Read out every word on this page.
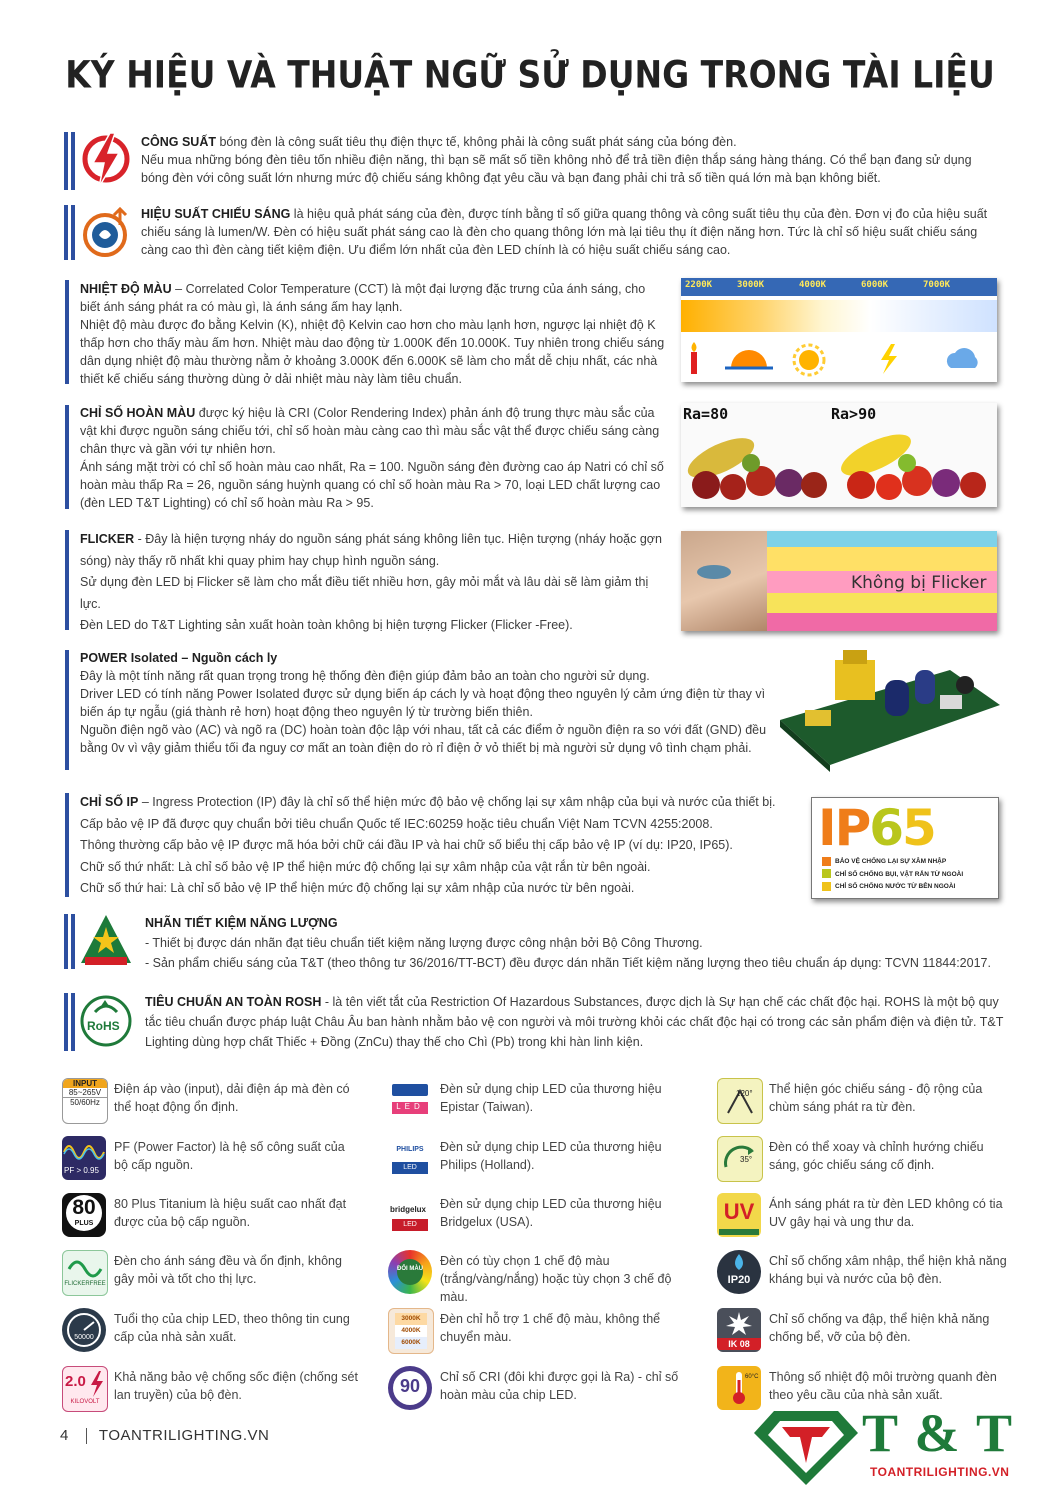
KÝ HIỆU VÀ THUẬT NGỮ SỬ DỤNG TRONG TÀI LIỆU
CÔNG SUẤT bóng đèn là công suất tiêu thụ điện thực tế, không phải là công suất phát sáng của bóng đèn.
Nếu mua những bóng đèn tiêu tốn nhiều điện năng, thì bạn sẽ mất số tiền không nhỏ để trả tiền điện thắp sáng hàng tháng. Có thể bạn đang sử dụng bóng đèn với công suất lớn nhưng mức độ chiếu sáng không đạt yêu cầu và bạn đang phải chi trả số tiền quá lớn mà bạn không biết.
HIỆU SUẤT CHIẾU SÁNG là hiệu quả phát sáng của đèn, được tính bằng tỉ số giữa quang thông và công suất tiêu thụ của đèn. Đơn vị đo của hiệu suất chiếu sáng là lumen/W. Đèn có hiệu suất phát sáng cao là đèn cho quang thông lớn mà lại tiêu thụ ít điện năng hơn. Tức là chỉ số hiệu suất chiếu sáng càng cao thì đèn càng tiết kiệm điện. Ưu điểm lớn nhất của đèn LED chính là có hiệu suất chiếu sáng cao.
NHIỆT ĐỘ MÀU – Correlated Color Temperature (CCT) là một đại lượng đặc trưng của ánh sáng, cho biết ánh sáng phát ra có màu gì, là ánh sáng ấm hay lạnh.
Nhiệt độ màu được đo bằng Kelvin (K), nhiệt độ Kelvin cao hơn cho màu lạnh hơn, ngược lại nhiệt độ K thấp hơn cho thấy màu ấm hơn. Nhiệt màu dao động từ 1.000K đến 10.000K. Tuy nhiên trong chiếu sáng dân dụng nhiệt độ màu thường nằm ở khoảng 3.000K đến 6.000K sẽ làm cho mắt dễ chịu nhất, các nhà thiết kế chiếu sáng thường dùng ở dải nhiệt màu này làm tiêu chuẩn.
2200K	3000K	4000K	6000K	7000K
CHỈ SỐ HOÀN MÀU được ký hiệu là CRI (Color Rendering Index) phản ánh độ trung thực màu sắc của vật khi được nguồn sáng chiếu tới, chỉ số hoàn màu càng cao thì màu sắc vật thể được chiếu sáng càng chân thực và gần với tự nhiên hơn.
Ánh sáng mặt trời có chỉ số hoàn màu cao nhất, Ra = 100. Nguồn sáng đèn đường cao áp Natri có chỉ số hoàn màu thấp Ra = 26, nguồn sáng huỳnh quang có chỉ số hoàn màu Ra > 70, loại LED chất lượng cao (đèn LED T&T Lighting) có chỉ số hoàn màu Ra > 95.
Ra=80	Ra>90
FLICKER - Đây là hiện tượng nháy do nguồn sáng phát sáng không liên tục. Hiện tượng (nháy hoặc gợn sóng) này thấy rõ nhất khi quay phim hay chụp hình nguồn sáng.
Sử dụng đèn LED bị Flicker sẽ làm cho mắt điều tiết nhiều hơn, gây mỏi mắt và lâu dài sẽ làm giảm thị lực.
Đèn LED do T&T Lighting sản xuất hoàn toàn không bị hiện tượng Flicker (Flicker -Free).
Không bị Flicker
POWER Isolated – Nguồn cách ly
Đây là một tính năng rất quan trọng trong hệ thống đèn điện giúp đảm bảo an toàn cho người sử dụng.
Driver LED có tính năng Power Isolated được sử dụng biến áp cách ly và hoạt động theo nguyên lý cảm ứng điện từ thay vì biến áp tự ngẫu (giá thành rẻ hơn) hoạt động theo nguyên lý từ trường biến thiên.
Nguồn điện ngõ vào (AC) và ngõ ra (DC) hoàn toàn độc lập với nhau, tất cả các điểm ở nguồn điện ra so với đất (GND) đều bằng 0v vì vậy giảm thiểu tối đa nguy cơ mất an toàn điện do rò rỉ điện ở vỏ thiết bị mà người sử dụng vô tình chạm phải.
CHỈ SỐ IP – Ingress Protection (IP) đây là chỉ số thể hiện mức độ bảo vệ chống lại sự xâm nhập của bụi và nước của thiết bị.
Cấp bảo vệ IP đã được quy chuẩn bởi tiêu chuẩn Quốc tế IEC:60259 hoặc tiêu chuẩn Việt Nam TCVN 4255:2008.
Thông thường cấp bảo vệ IP được mã hóa bởi chữ cái đầu IP và hai chữ số biểu thị cấp bảo vệ IP (ví dụ: IP20, IP65).
Chữ số thứ nhất: Là chỉ số bảo vệ IP thể hiện mức độ chống lại sự xâm nhập của vật rắn từ bên ngoài.
Chữ số thứ hai: Là chỉ số bảo vệ IP thể hiện mức độ chống lại sự xâm nhập của nước từ bên ngoài.
IP65
BẢO VỆ CHỐNG LẠI SỰ XÂM NHẬP
CHỈ SỐ CHỐNG BỤI, VẬT RẮN TỪ NGOÀI
CHỈ SỐ CHỐNG NƯỚC TỪ BÊN NGOÀI
NHÃN TIẾT KIỆM NĂNG LƯỢNG
- Thiết bị được dán nhãn đạt tiêu chuẩn tiết kiệm năng lượng được công nhận bởi Bộ Công Thương.
- Sản phẩm chiếu sáng của T&T (theo thông tư 36/2016/TT-BCT) đều được dán nhãn Tiết kiệm năng lượng theo tiêu chuẩn áp dụng: TCVN 11844:2017.
RoHS
TIÊU CHUẨN AN TOÀN ROSH - là tên viết tắt của Restriction Of Hazardous Substances, được dịch là Sự hạn chế các chất độc hại. ROHS là một bộ quy tắc tiêu chuẩn được pháp luật Châu Âu ban hành nhằm bảo vệ con người và môi trường khỏi các chất độc hại có trong các sản phẩm điện và điện tử. T&T Lighting dùng hợp chất Thiếc + Đồng (ZnCu) thay thế cho Chì (Pb) trong khi hàn linh kiện.
INPUT
85~265V
50/60Hz
Điện áp vào (input), dải điện áp mà đèn có thể hoạt động ổn định.
PF > 0.95
PF (Power Factor) là hệ số công suất của bộ cấp nguồn.
80
PLUS
80 Plus Titanium là hiệu suất cao nhất đạt được của bộ cấp nguồn.
FLICKERFREE
Đèn cho ánh sáng đều và ổn định, không gây mỏi và tốt cho thị lực.
50000
Tuổi thọ của chip LED, theo thông tin cung cấp của nhà sản xuất.
2.0
KILOVOLT
Khả năng bảo vệ chống sốc điện (chống sét lan truyền) của bộ đèn.
LED
Đèn sử dụng chip LED của thương hiệu Epistar (Taiwan).
PHILIPS
LED
Đèn sử dụng chip LED của thương hiệu Philips (Holland).
bridgelux
LED
Đèn sử dụng chip LED của thương hiệu Bridgelux (USA).
ĐỔI MÀU
Đèn có tùy chọn 1 chế độ màu (trắng/vàng/nắng) hoặc tùy chọn 3 chế độ màu.
3000K
4000K
6000K
Đèn chỉ hỗ trợ 1 chế độ màu, không thể chuyển màu.
90	Chỉ số CRI (đôi khi được gọi là Ra) - chỉ số hoàn màu của chip LED.
120° Thể hiện góc chiếu sáng - độ rộng của chùm sáng phát ra từ đèn.
35°
Đèn có thể xoay và chỉnh hướng chiếu sáng, góc chiếu sáng cố định.
UV	Ánh sáng phát ra từ đèn LED không có tia UV gây hại và ung thư da.
IP20
Chỉ số chống xâm nhập, thể hiện khả năng kháng bụi và nước của bộ đèn.
IK 08
Chỉ số chống va đập, thể hiện khả năng chống bể, vỡ của bộ đèn.
60°C Thông số nhiệt độ môi trường quanh đèn theo yêu cầu của nhà sản xuất.
4 TOANTRILIGHTING.VN	T & T
TOANTRILIGHTING.VN
